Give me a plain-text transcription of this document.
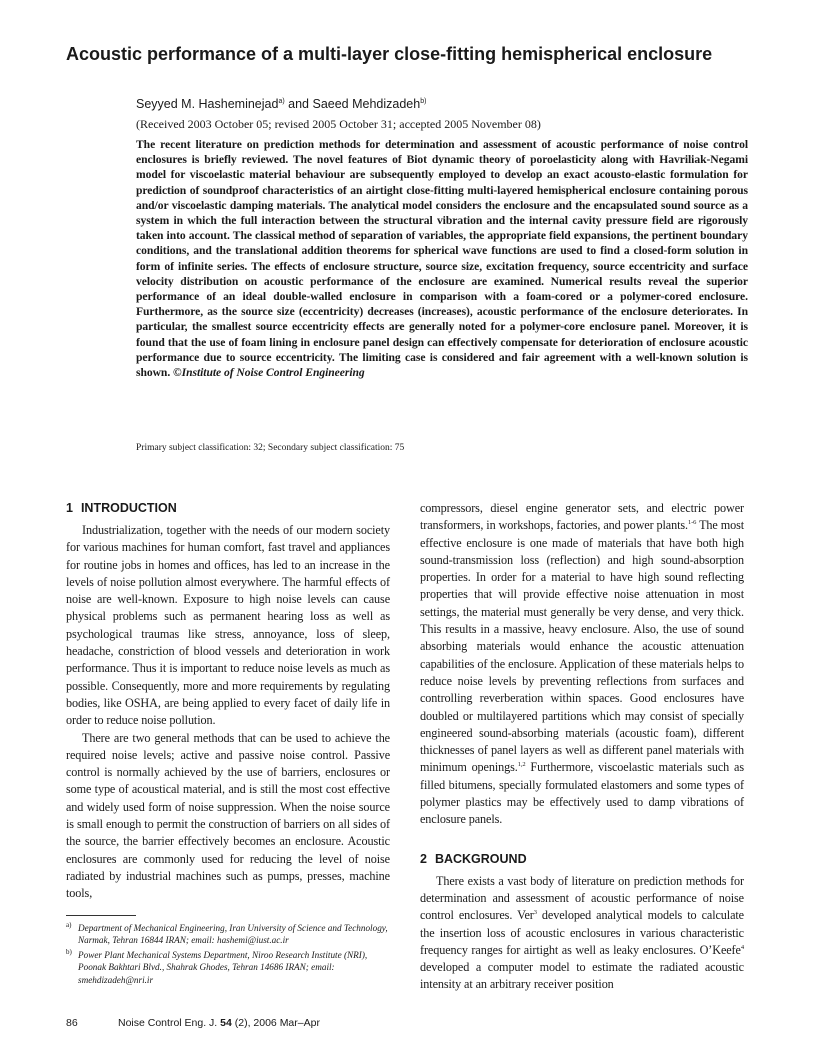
Acoustic performance of a multi-layer close-fitting hemispherical enclosure
Seyyed M. Hasheminejad$^{a)}$ and Saeed Mehdizadeh$^{b)}$
(Received 2003 October 05; revised 2005 October 31; accepted 2005 November 08)

The recent literature on prediction methods for determination and assessment of acoustic performance of noise control enclosures is briefly reviewed. The novel features of Biot dynamic theory of poroelasticity along with Havriliak-Negami model for viscoelastic material behaviour are subsequently employed to develop an exact acousto-elastic formulation for prediction of soundproof characteristics of an airtight close-fitting multi-layered hemispherical enclosure containing porous and/or viscoelastic damping materials. The analytical model considers the enclosure and the encapsulated sound source as a system in which the full interaction between the structural vibration and the internal cavity pressure field are rigorously taken into account. The classical method of separation of variables, the appropriate field expansions, the pertinent boundary conditions, and the translational addition theorems for spherical wave functions are used to find a closed-form solution in form of infinite series. The effects of enclosure structure, source size, excitation frequency, source eccentricity and surface velocity distribution on acoustic performance of the enclosure are examined. Numerical results reveal the superior performance of an ideal double-walled enclosure in comparison with a foam-cored or a polymer-cored enclosure. Furthermore, as the source size (eccentricity) decreases (increases), acoustic performance of the enclosure deteriorates. In particular, the smallest source eccentricity effects are generally noted for a polymer-core enclosure panel. Moreover, it is found that the use of foam lining in enclosure panel design can effectively compensate for deterioration of enclosure acoustic performance due to source eccentricity. The limiting case is considered and fair agreement with a well-known solution is shown. ©Institute of Noise Control Engineering

Primary subject classification: 32; Secondary subject classification: 75
1 INTRODUCTION

Industrialization, together with the needs of our modern society for various machines for human comfort, fast travel and appliances for routine jobs in homes and offices, has led to an increase in the levels of noise pollution almost everywhere. The harmful effects of noise are well-known. Exposure to high noise levels can cause physical problems such as permanent hearing loss as well as psychological traumas like stress, annoyance, loss of sleep, headache, constriction of blood vessels and deterioration in work performance. Thus it is important to reduce noise levels as much as possible. Consequently, more and more requirements by regulating bodies, like OSHA, are being applied to every facet of daily life in order to reduce noise pollution.

There are two general methods that can be used to achieve the required noise levels; active and passive noise control. Passive control is normally achieved by the use of barriers, enclosures or some type of acoustical material, and is still the most cost effective and widely used form of noise suppression. When the noise source is small enough to permit the construction of barriers on all sides of the source, the barrier effectively becomes an enclosure. Acoustic enclosures are commonly used for reducing the level of noise radiated by industrial machines such as pumps, presses, machine tools,

compressors, diesel engine generator sets, and electric power transformers, in workshops, factories, and power plants.$^{1-6}$ The most effective enclosure is one made of materials that have both high sound-transmission loss (reflection) and high sound-absorption properties. In order for a material to have high sound reflecting properties that will provide effective noise attenuation in most settings, the material must generally be very dense, and very thick. This results in a massive, heavy enclosure. Also, the use of sound absorbing materials would enhance the acoustic attenuation capabilities of the enclosure. Application of these materials helps to reduce noise levels by preventing reflections from surfaces and controlling reverberation within spaces. Good enclosures have doubled or multilayered partitions which may consist of specially engineered sound-absorbing materials (acoustic foam), different thicknesses of panel layers as well as different panel materials with minimum openings.$^{1,2}$ Furthermore, viscoelastic materials such as filled bitumens, specially formulated elastomers and some types of polymer plastics may be effectively used to damp vibrations of enclosure panels.

2 BACKGROUND

There exists a vast body of literature on prediction methods for determination and assessment of acoustic performance of noise control enclosures. Ver$^3$ developed analytical models to calculate the insertion loss of acoustic enclosures in various characteristic frequency ranges for airtight as well as leaky enclosures. O’Keefe$^4$ developed a computer model to estimate the radiated acoustic intensity at an arbitrary receiver position

a) Department of Mechanical Engineering, Iran University of Science and Technology, Narmak, Tehran 16844 IRAN; email: hashemi@iust.ac.ir
b) Power Plant Mechanical Systems Department, Niroo Research Institute (NRI), Poonak Bakhtari Blvd., Shahrak Ghodes, Tehran 14686 IRAN; email: smehdizadeh@nri.ir
86	Noise Control Eng. J. 54 (2), 2006 Mar–Apr
